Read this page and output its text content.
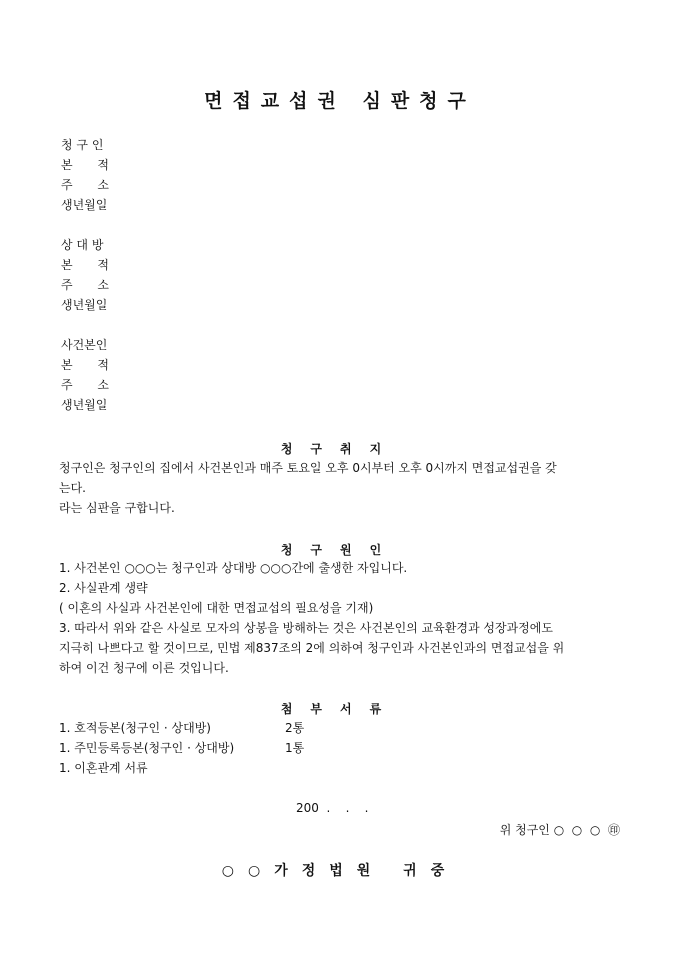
면접교섭권 심판청구
청 구 인
본 적
주 소
생년월일
상 대 방
본 적
주 소
생년월일
사건본인
본 적
주 소
생년월일
청구취지
청구인은 청구인의 집에서 사건본인과 매주 토요일 오후 0시부터 오후 0시까지 면접교섭권을 갖
는다.
라는 심판을 구합니다.
청구원인
1. 사건본인 ○○○는 청구인과 상대방 ○○○간에 출생한 자입니다.
2. 사실관계 생략
( 이혼의 사실과 사건본인에 대한 면접교섭의 필요성을 기재)
3. 따라서 위와 같은 사실로 모자의 상봉을 방해하는 것은 사건본인의 교육환경과 성장과정에도
지극히 나쁘다고 할 것이므로, 민법 제837조의 2에 의하여 청구인과 사건본인과의 면접교섭을 위
하여 이건 청구에 이른 것입니다.
첨부서류
1. 호적등본(청구인 · 상대방)	2통
1. 주민등록등본(청구인 · 상대방)	1통
1. 이혼관계 서류
200  .    .    .
위 청구인 ○  ○  ○  ㊞
○○가정법원 귀중
